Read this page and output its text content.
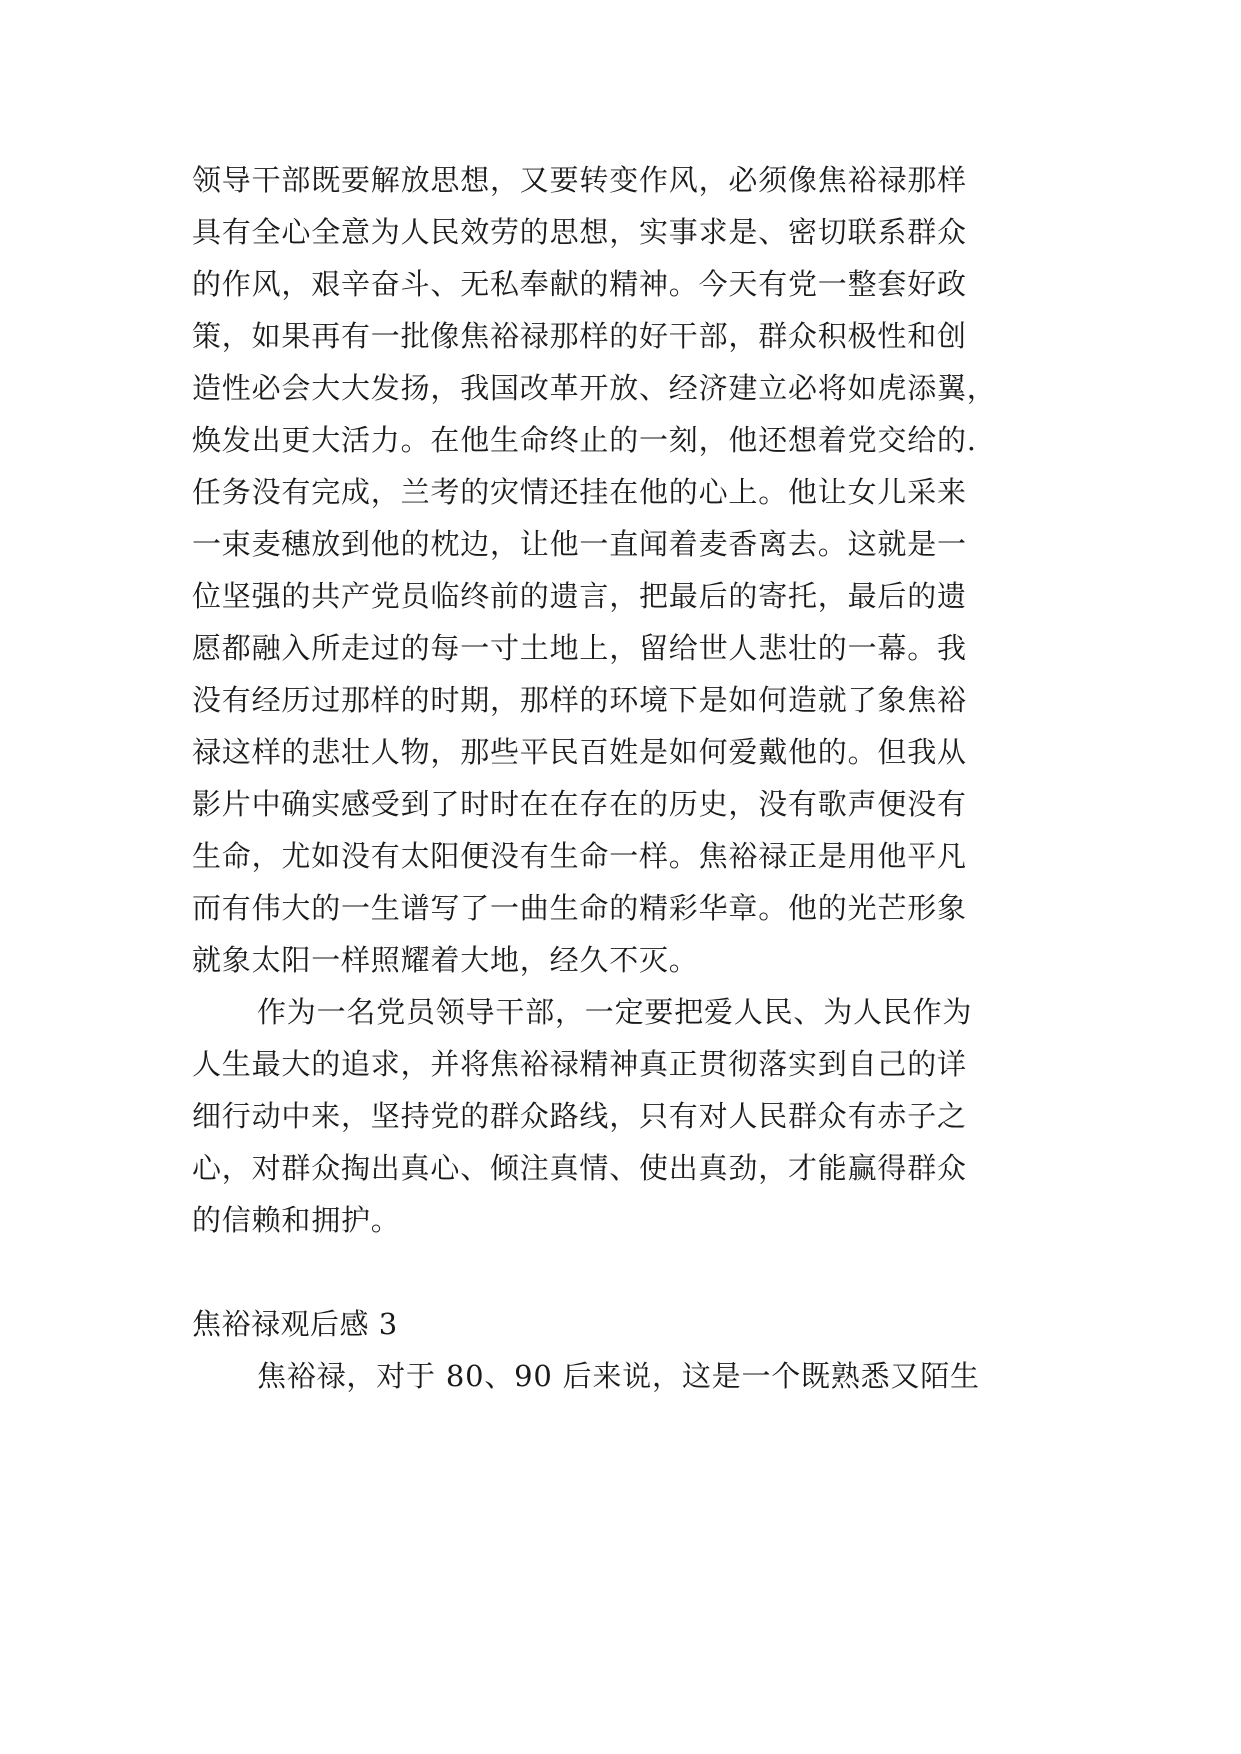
领导干部既要解放思想，又要转变作风，必须像焦裕禄那样
具有全心全意为人民效劳的思想，实事求是、密切联系群众
的作风，艰辛奋斗、无私奉献的精神。今天有党一整套好政
策，如果再有一批像焦裕禄那样的好干部，群众积极性和创
造性必会大大发扬，我国改革开放、经济建立必将如虎添翼，
焕发出更大活力。在他生命终止的一刻，他还想着党交给的.
任务没有完成，兰考的灾情还挂在他的心上。他让女儿采来
一束麦穗放到他的枕边，让他一直闻着麦香离去。这就是一
位坚强的共产党员临终前的遗言，把最后的寄托，最后的遗
愿都融入所走过的每一寸土地上，留给世人悲壮的一幕。我
没有经历过那样的时期，那样的环境下是如何造就了象焦裕
禄这样的悲壮人物，那些平民百姓是如何爱戴他的。但我从
影片中确实感受到了时时在在存在的历史，没有歌声便没有
生命，尤如没有太阳便没有生命一样。焦裕禄正是用他平凡
而有伟大的一生谱写了一曲生命的精彩华章。他的光芒形象
就象太阳一样照耀着大地，经久不灭。
作为一名党员领导干部，一定要把爱人民、为人民作为
人生最大的追求，并将焦裕禄精神真正贯彻落实到自己的详
细行动中来，坚持党的群众路线，只有对人民群众有赤子之
心，对群众掏出真心、倾注真情、使出真劲，才能赢得群众
的信赖和拥护。
焦裕禄观后感 3
焦裕禄，对于 80、90 后来说，这是一个既熟悉又陌生
